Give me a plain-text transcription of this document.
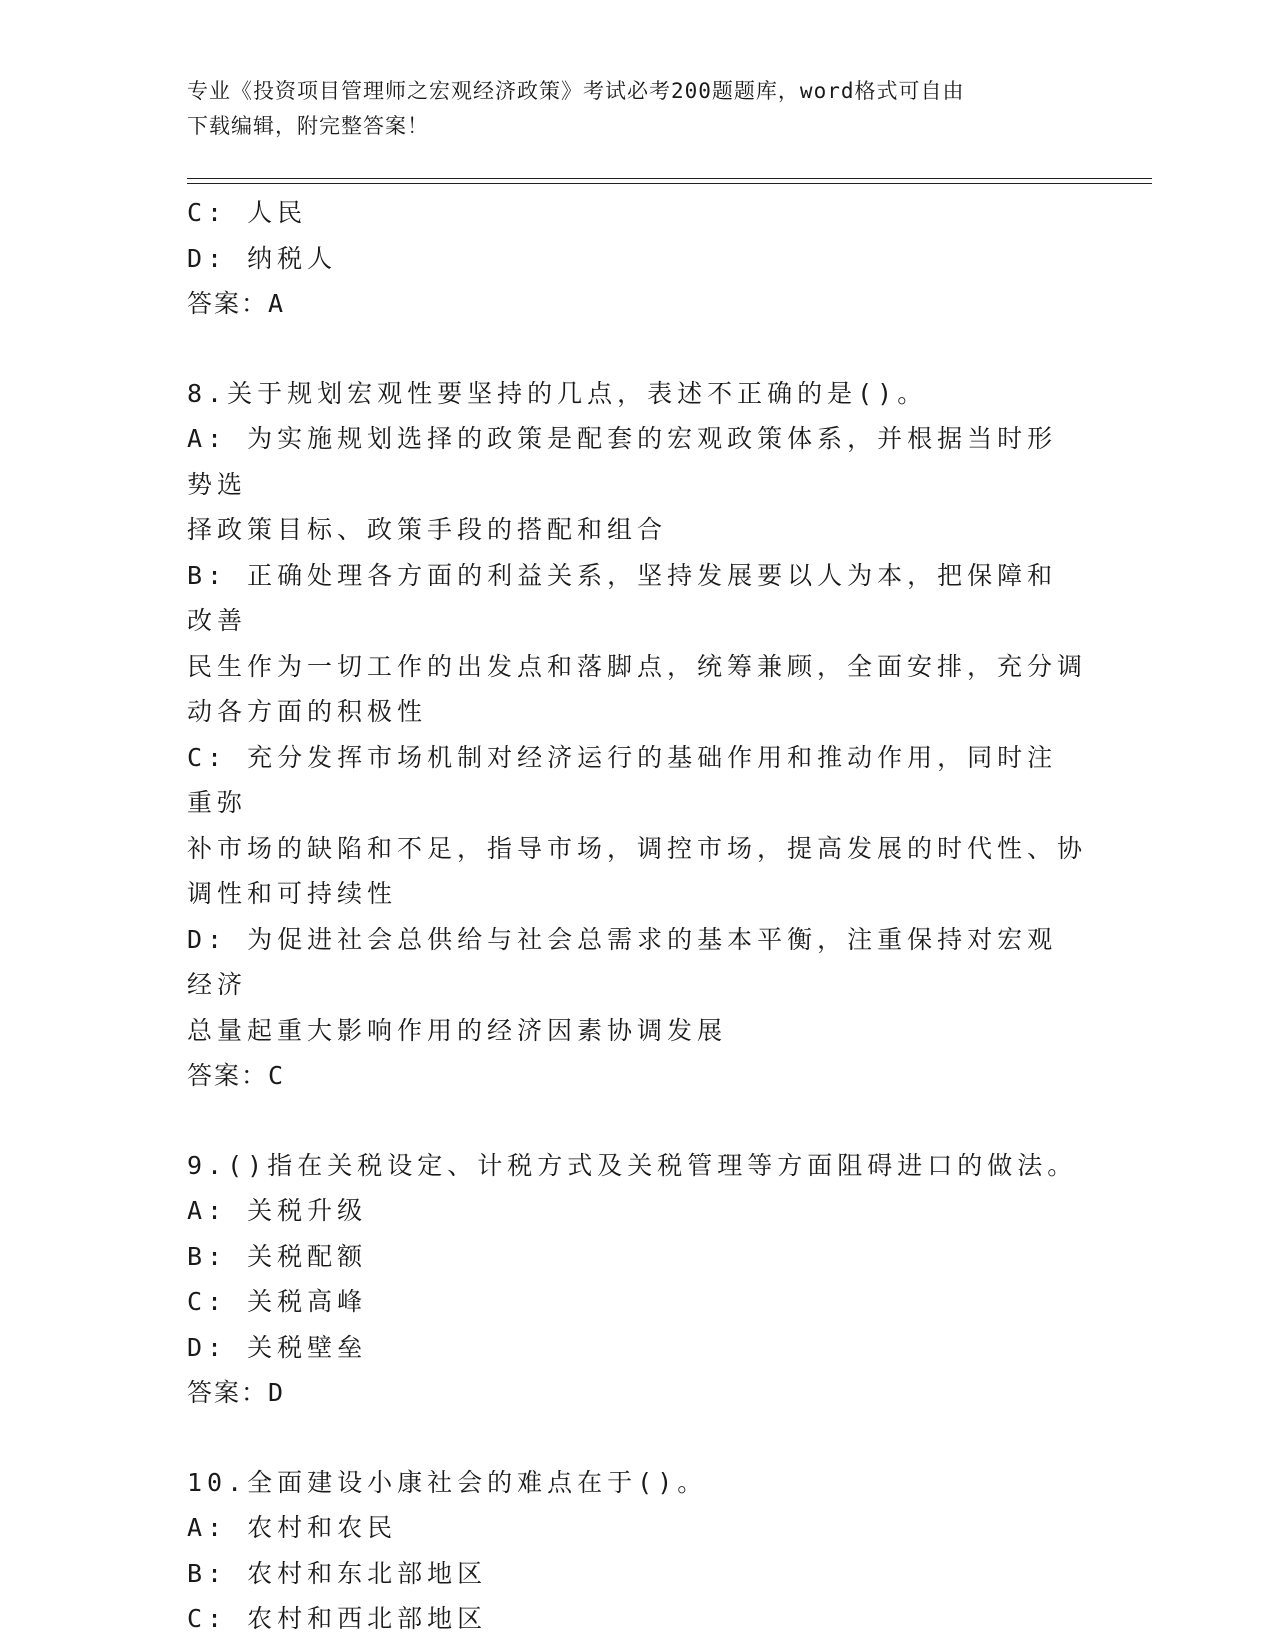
专业《投资项目管理师之宏观经济政策》考试必考200题题库，word格式可自由
下载编辑，附完整答案！
C: 人民
D: 纳税人
答案：A
8.关于规划宏观性要坚持的几点，表述不正确的是()。
A: 为实施规划选择的政策是配套的宏观政策体系，并根据当时形势选
择政策目标、政策手段的搭配和组合
B: 正确处理各方面的利益关系，坚持发展要以人为本，把保障和改善
民生作为一切工作的出发点和落脚点，统筹兼顾，全面安排，充分调
动各方面的积极性
C: 充分发挥市场机制对经济运行的基础作用和推动作用，同时注重弥
补市场的缺陷和不足，指导市场，调控市场，提高发展的时代性、协
调性和可持续性
D: 为促进社会总供给与社会总需求的基本平衡，注重保持对宏观经济
总量起重大影响作用的经济因素协调发展
答案：C
9.()指在关税设定、计税方式及关税管理等方面阻碍进口的做法。
A: 关税升级
B: 关税配额
C: 关税高峰
D: 关税壁垒
答案：D
10.全面建设小康社会的难点在于()。
A: 农村和农民
B: 农村和东北部地区
C: 农村和西北部地区
